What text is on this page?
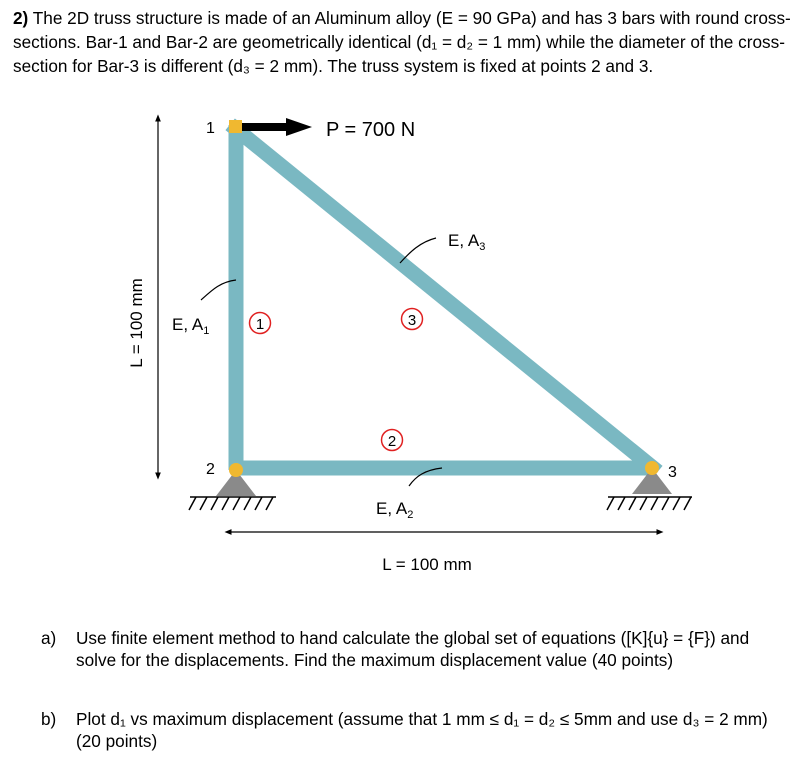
2) The 2D truss structure is made of an Aluminum alloy (E = 90 GPa) and has 3 bars with round cross-sections. Bar-1 and Bar-2 are geometrically identical (d₁ = d₂ = 1 mm) while the diameter of the cross-section for Bar-3 is different (d₃ = 2 mm). The truss system is fixed at points 2 and 3.
P = 700 N
1
2	3
1	3
2
E, $A_1$
E, $A_3$
E, $A_2$
L = 100 mm
L = 100 mm
a)	Use finite element method to hand calculate the global set of equations ([K]{u} = {F}) and solve for the displacements. Find the maximum displacement value (40 points)
b)	Plot d₁ vs maximum displacement (assume that 1 mm ≤ d₁ = d₂ ≤ 5mm and use d₃ = 2 mm) (20 points)
